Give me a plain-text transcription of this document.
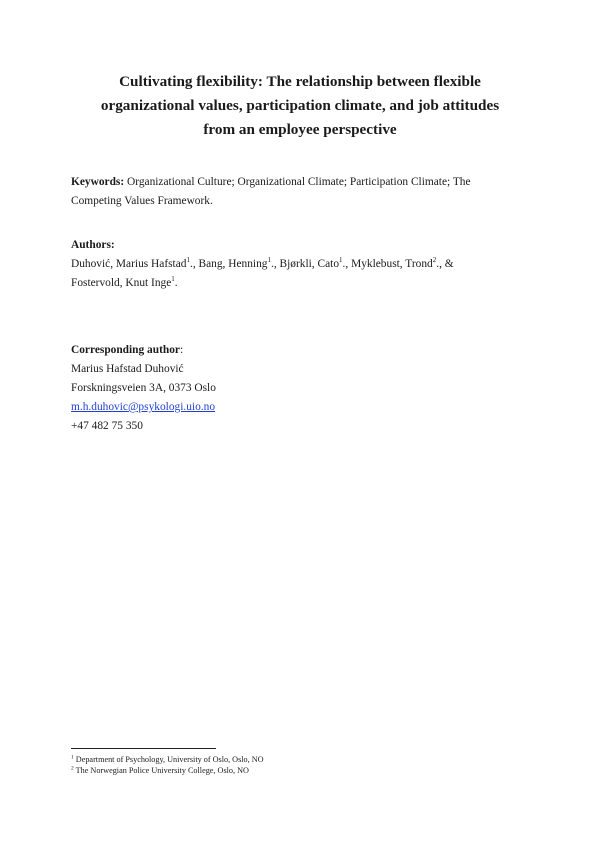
Cultivating flexibility: The relationship between flexible
organizational values, participation climate, and job attitudes
from an employee perspective
Keywords: Organizational Culture; Organizational Climate; Participation Climate; The
Competing Values Framework.
Authors:
Duhović, Marius Hafstad$^1$., Bang, Henning$^1$., Bjørkli, Cato$^1$., Myklebust, Trond$^2$., &
Fostervold, Knut Inge$^1$.
Corresponding author:
Marius Hafstad Duhović
Forskningsveien 3A, 0373 Oslo
m.h.duhovic@psykologi.uio.no
+47 482 75 350
$^1$ Department of Psychology, University of Oslo, Oslo, NO
$^2$ The Norwegian Police University College, Oslo, NO
